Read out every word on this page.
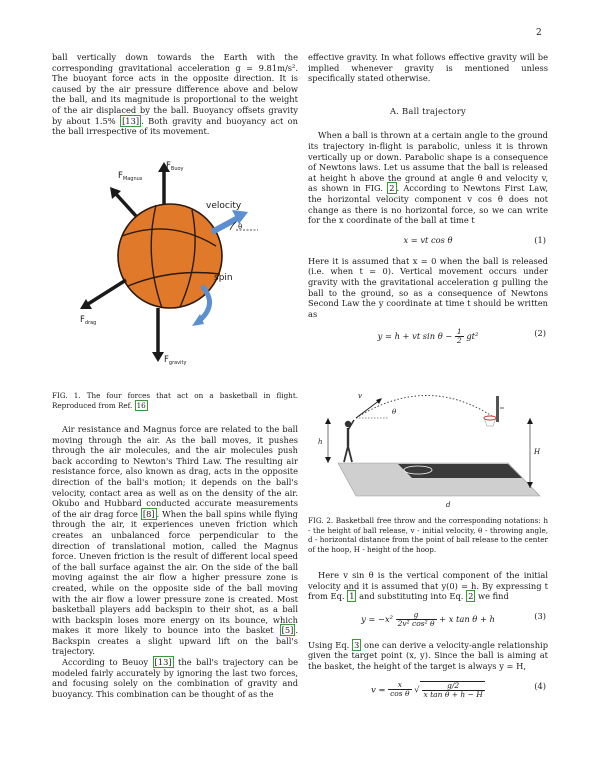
2

ball vertically down towards the Earth with the corresponding gravitational acceleration g = 9.81m/s². The buoyant force acts in the opposite direction. It is caused by the air pressure difference above and below the ball, and its magnitude is proportional to the weight of the air displaced by the ball. Buoyancy offsets gravity by about 1.5% [13] . Both gravity and buoyancy act on the ball irrespective of its movement.

$F_{Buoy}$
$F_{Magnus}$
velocity
θ
spin
$F_{drag}$
$F_{gravity}$
FIG. 1. The four forces that act on a basketball in flight. Reproduced from Ref. 16

Air resistance and Magnus force are related to the ball moving through the air. As the ball moves, it pushes through the air molecules, and the air molecules push back according to Newton's Third Law. The resulting air resistance force, also known as drag, acts in the opposite direction of the ball's motion; it depends on the ball's velocity, contact area as well as on the density of the air. Okubo and Hubbard conducted accurate measurements of the air drag force [8] . When the ball spins while flying through the air, it experiences uneven friction which creates an unbalanced force perpendicular to the direction of translational motion, called the Magnus force. Uneven friction is the result of different local speed of the ball surface against the air. On the side of the ball moving against the air flow a higher pressure zone is created, while on the opposite side of the ball moving with the air flow a lower pressure zone is created. Most basketball players add backspin to their shot, as a ball with backspin loses more energy on its bounce, which makes it more likely to bounce into the basket [5] . Backspin creates a slight upward lift on the ball's trajectory.

According to Beuoy [13] the ball's trajectory can be modeled fairly accurately by ignoring the last two forces, and focusing solely on the combination of gravity and buoyancy. This combination can be thought of as the

effective gravity. In what follows effective gravity will be implied whenever gravity is mentioned unless specifically stated otherwise.

A. Ball trajectory

When a ball is thrown at a certain angle to the ground its trajectory in-flight is parabolic, unless it is thrown vertically up or down. Parabolic shape is a consequence of Newtons laws. Let us assume that the ball is released at height h above the ground at angle θ and velocity v, as shown in FIG. 2 . According to Newtons First Law, the horizontal velocity component v cos θ does not change as there is no horizontal force, so we can write for the x coordinate of the ball at time t

x = vt cos θ	(1)

Here it is assumed that x = 0 when the ball is released (i.e. when t = 0). Vertical movement occurs under gravity with the gravitational acceleration g pulling the ball to the ground, so as a consequence of Newtons Second Law the y coordinate at time t should be written as

y = h + vt $\sin \theta - \frac{1}{2} gt^2$	(2)
v
θ
h
H
d
FIG. 2. Basketball free throw and the corresponding notations: h - the height of ball release, v - initial velocity, θ - throwing angle, d - horizontal distance from the point of ball release to the center of the hoop, H - height of the hoop.

Here v sin θ is the vertical component of the initial velocity and it is assumed that y(0) = h. By expressing t from Eq. 1 and substituting into Eq. 2 we find

$y = -x^2 \frac{g}{\text{2v² cos² θ}} + x$ tan θ + h	(3)

Using Eq. 3 one can derive a velocity-angle relationship given the target point (x, y). Since the ball is aiming at the basket, the height of the target is always y = H,

$v = \frac{x}{\text{cos θ}}$ √ $\frac{g/2}{\text{x tan θ + h − H}}$	(4)
